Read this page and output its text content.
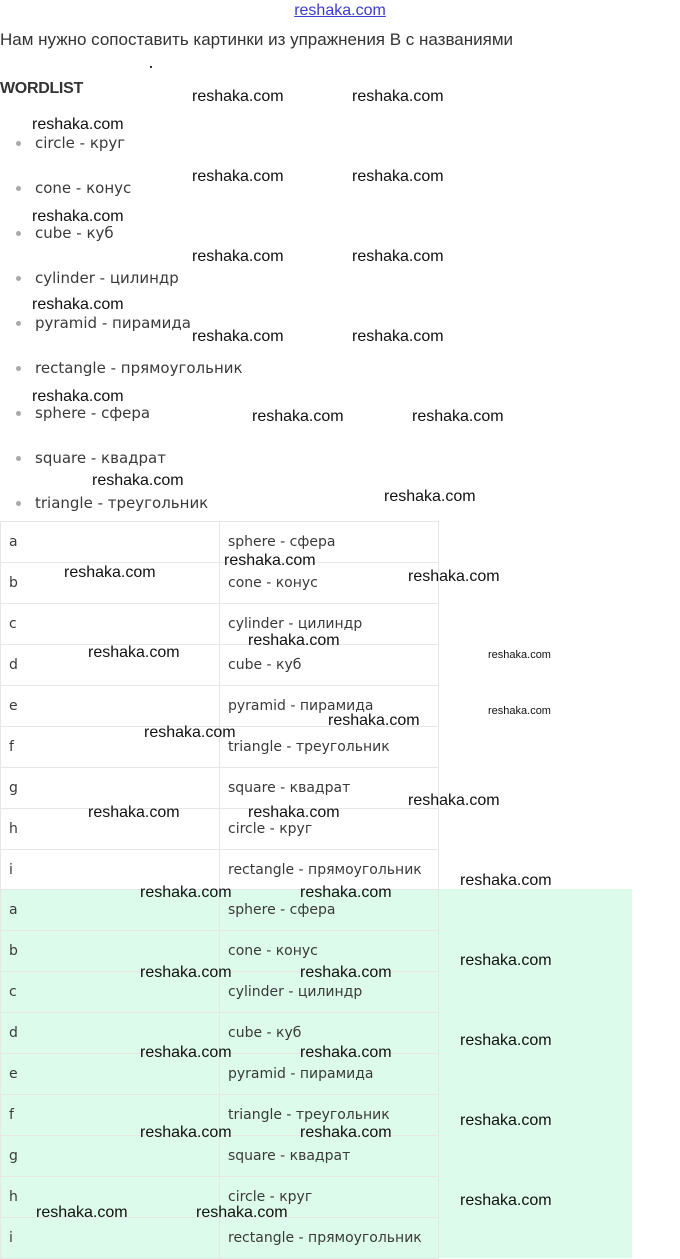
reshaka.com
Нам нужно сопоставить картинки из упражнения B с названиями
WORDLIST
circle - круг
cone - конус
cube - куб
cylinder - цилиндр
pyramid - пирамида
rectangle - прямоугольник
sphere - сфера
square - квадрат
triangle - треугольник
a	sphere - сфера
b	cone - конус
c	cylinder - цилиндр
d	cube - куб
e	pyramid - пирамида
f	triangle - треугольник
g	square - квадрат
h	circle - круг
i	rectangle - прямоугольник
a	sphere - сфера
b	cone - конус
c	cylinder - цилиндр
d	cube - куб
e	pyramid - пирамида
f	triangle - треугольник
g	square - квадрат
h	circle - круг
i	rectangle - прямоугольник
reshaka.com	reshaka.com
reshaka.com
reshaka.com	reshaka.com
reshaka.com
reshaka.com	reshaka.com
reshaka.com
reshaka.com	reshaka.com
reshaka.com
reshaka.com	reshaka.com
reshaka.com
reshaka.com
reshaka.com
reshaka.com	reshaka.com
reshaka.com
reshaka.com	reshaka.com
reshaka.com
reshaka.com
reshaka.com
reshaka.com
reshaka.com	reshaka.com
reshaka.com
reshaka.com	reshaka.com
reshaka.com
reshaka.com	reshaka.com
reshaka.com
reshaka.com	reshaka.com
reshaka.com
reshaka.com	reshaka.com
reshaka.com
reshaka.com	reshaka.com
